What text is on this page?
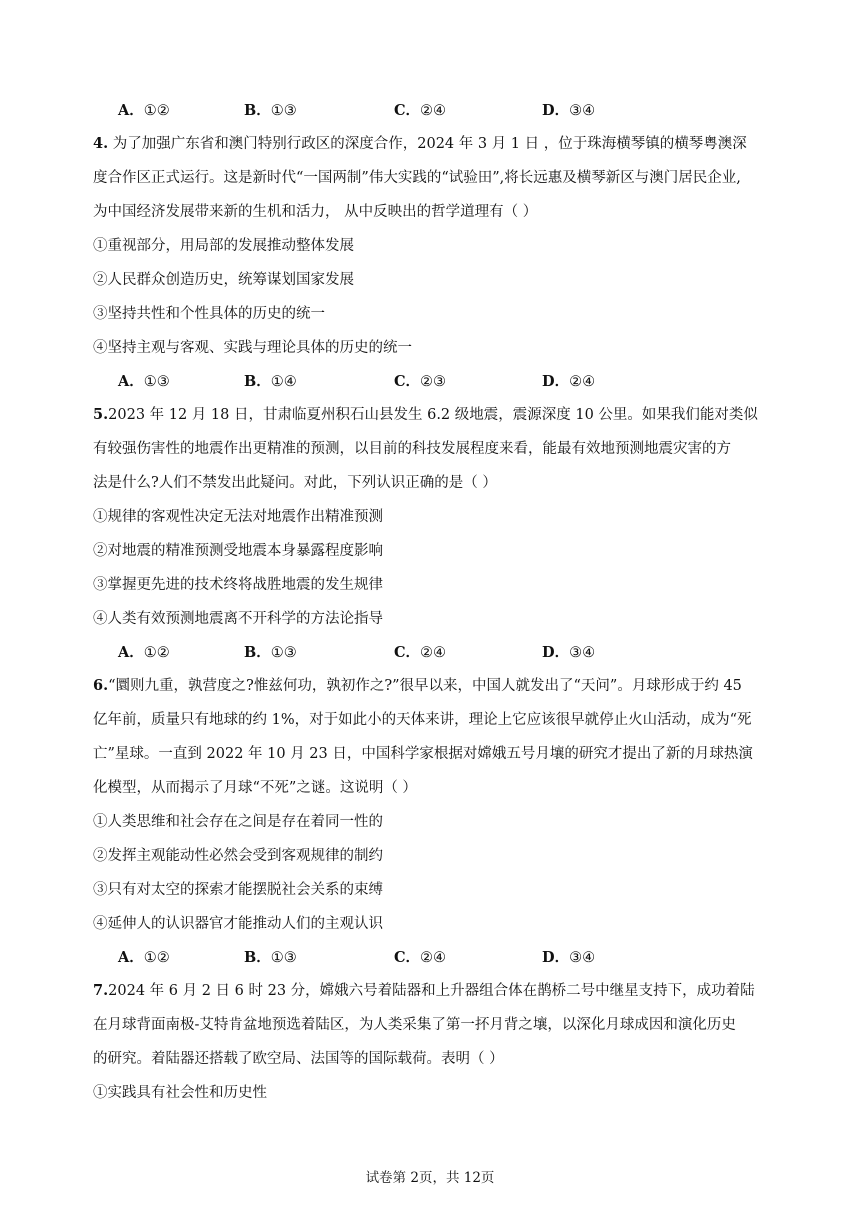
A．①②	B．①③	C．②④	D．③④
4. 为了加强广东省和澳门特别行政区的深度合作，2024 年 3 月 1 日 ，位于珠海横琴镇的横琴粤澳深
度合作区正式运行。这是新时代“一国两制”伟大实践的“试验田”,将长远惠及横琴新区与澳门居民企业,
为中国经济发展带来新的生机和活力， 从中反映出的哲学道理有（ ）
①重视部分，用局部的发展推动整体发展
②人民群众创造历史，统筹谋划国家发展
③坚持共性和个性具体的历史的统一
④坚持主观与客观、实践与理论具体的历史的统一
A．①③	B．①④	C．②③	D．②④
5.2023 年 12 月 18 日，甘肃临夏州积石山县发生 6.2 级地震，震源深度 10 公里。如果我们能对类似
有较强伤害性的地震作出更精准的预测，以目前的科技发展程度来看，能最有效地预测地震灾害的方
法是什么?人们不禁发出此疑问。对此，下列认识正确的是（ ）
①规律的客观性决定无法对地震作出精准预测
②对地震的精准预测受地震本身暴露程度影响
③掌握更先进的技术终将战胜地震的发生规律
④人类有效预测地震离不开科学的方法论指导
A．①②	B．①③	C．②④	D．③④
6.“圜则九重，孰营度之?惟兹何功，孰初作之?”很早以来，中国人就发出了“天问”。月球形成于约 45
亿年前，质量只有地球的约 1%，对于如此小的天体来讲，理论上它应该很早就停止火山活动，成为“死
亡”星球。一直到 2022 年 10 月 23 日，中国科学家根据对嫦娥五号月壤的研究才提出了新的月球热演
化模型，从而揭示了月球“不死”之谜。这说明（ ）
①人类思维和社会存在之间是存在着同一性的
②发挥主观能动性必然会受到客观规律的制约
③只有对太空的探索才能摆脱社会关系的束缚
④延伸人的认识器官才能推动人们的主观认识
A．①②	B．①③	C．②④	D．③④
7.2024 年 6 月 2 日 6 时 23 分，嫦娥六号着陆器和上升器组合体在鹊桥二号中继星支持下，成功着陆
在月球背面南极-艾特肯盆地预选着陆区，为人类采集了第一抔月背之壤，以深化月球成因和演化历史
的研究。着陆器还搭载了欧空局、法国等的国际载荷。表明（ ）
①实践具有社会性和历史性
试卷第 2页，共 12页
